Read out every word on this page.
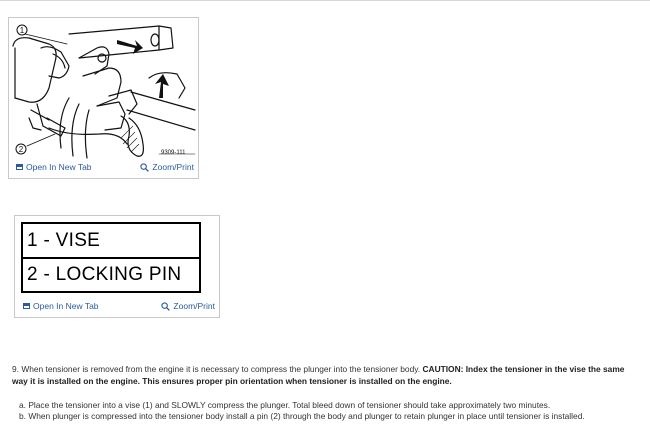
1
2	9309-111
Open In New Tab	Zoom/Print
1 - VISE
2 - LOCKING PIN
Open In New Tab	Zoom/Print
9. When tensioner is removed from the engine it is necessary to compress the plunger into the tensioner body. CAUTION: Index the tensioner in the vise the same way it is installed on the engine. This ensures proper pin orientation when tensioner is installed on the engine.
a. Place the tensioner into a vise (1) and SLOWLY compress the plunger. Total bleed down of tensioner should take approximately two minutes.
b. When plunger is compressed into the tensioner body install a pin (2) through the body and plunger to retain plunger in place until tensioner is installed.
